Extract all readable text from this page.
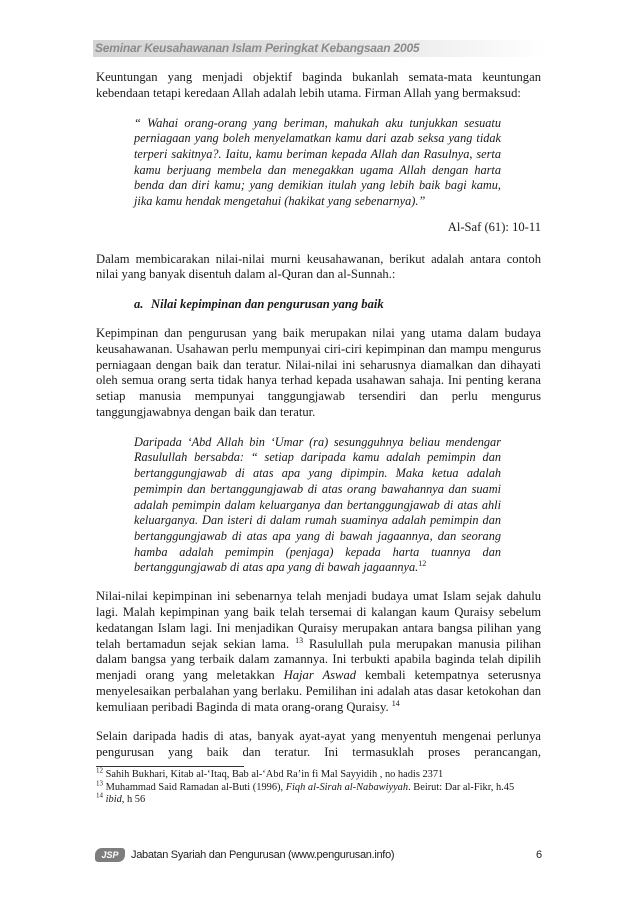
Seminar Keusahawanan Islam Peringkat Kebangsaan 2005

Keuntungan yang menjadi objektif baginda bukanlah semata-mata keuntungan kebendaan tetapi keredaan Allah adalah lebih utama. Firman Allah yang bermaksud:

“ Wahai orang-orang yang beriman, mahukah aku tunjukkan sesuatu perniagaan yang boleh menyelamatkan kamu dari azab seksa yang tidak terperi sakitnya?. Iaitu, kamu beriman kepada Allah dan Rasulnya, serta kamu berjuang membela dan menegakkan ugama Allah dengan harta benda dan diri kamu; yang demikian itulah yang lebih baik bagi kamu, jika kamu hendak mengetahui (hakikat yang sebenarnya).”

Al-Saf (61): 10-11

Dalam membicarakan nilai-nilai murni keusahawanan, berikut adalah antara contoh nilai yang banyak disentuh dalam al-Quran dan al-Sunnah.:

a. Nilai kepimpinan dan pengurusan yang baik

Kepimpinan dan pengurusan yang baik merupakan nilai yang utama dalam budaya keusahawanan. Usahawan perlu mempunyai ciri-ciri kepimpinan dan mampu mengurus perniagaan dengan baik dan teratur. Nilai-nilai ini seharusnya diamalkan dan dihayati oleh semua orang serta tidak hanya terhad kepada usahawan sahaja. Ini penting kerana setiap manusia mempunyai tanggungjawab tersendiri dan perlu mengurus tanggungjawabnya dengan baik dan teratur.

Daripada ‘Abd Allah bin ‘Umar (ra) sesungguhnya beliau mendengar Rasulullah bersabda: “ setiap daripada kamu adalah pemimpin dan bertanggungjawab di atas apa yang dipimpin. Maka ketua adalah pemimpin dan bertanggungjawab di atas orang bawahannya dan suami adalah pemimpin dalam keluarganya dan bertanggungjawab di atas ahli keluarganya. Dan isteri di dalam rumah suaminya adalah pemimpin dan bertanggungjawab di atas apa yang di bawah jagaannya, dan seorang hamba adalah pemimpin (penjaga) kepada harta tuannya dan bertanggungjawab di atas apa yang di bawah jagaannya.$^{12}$

Nilai-nilai kepimpinan ini sebenarnya telah menjadi budaya umat Islam sejak dahulu lagi. Malah kepimpinan yang baik telah tersemai di kalangan kaum Quraisy sebelum kedatangan Islam lagi. Ini menjadikan Quraisy merupakan antara bangsa pilihan yang telah bertamadun sejak sekian lama. $^{13}$ Rasulullah pula merupakan manusia pilihan dalam bangsa yang terbaik dalam zamannya. Ini terbukti apabila baginda telah dipilih menjadi orang yang meletakkan Hajar Aswad kembali ketempatnya seterusnya menyelesaikan perbalahan yang berlaku. Pemilihan ini adalah atas dasar ketokohan dan kemuliaan peribadi Baginda di mata orang-orang Quraisy. $^{14}$

Selain daripada hadis di atas, banyak ayat-ayat yang menyentuh mengenai perlunya pengurusan yang baik dan teratur. Ini termasuklah proses perancangan,

$^{12}$ Sahih Bukhari, Kitab al-‘Itaq, Bab al-‘Abd Ra’in fi Mal Sayyidih , no hadis 2371
$^{13}$ Muhammad Said Ramadan al-Buti (1996), Fiqh al-Sirah al-Nabawiyyah. Beirut: Dar al-Fikr, h.45
$^{14}$ ibid, h 56
JSP	Jabatan Syariah dan Pengurusan (www.pengurusan.info)	6
